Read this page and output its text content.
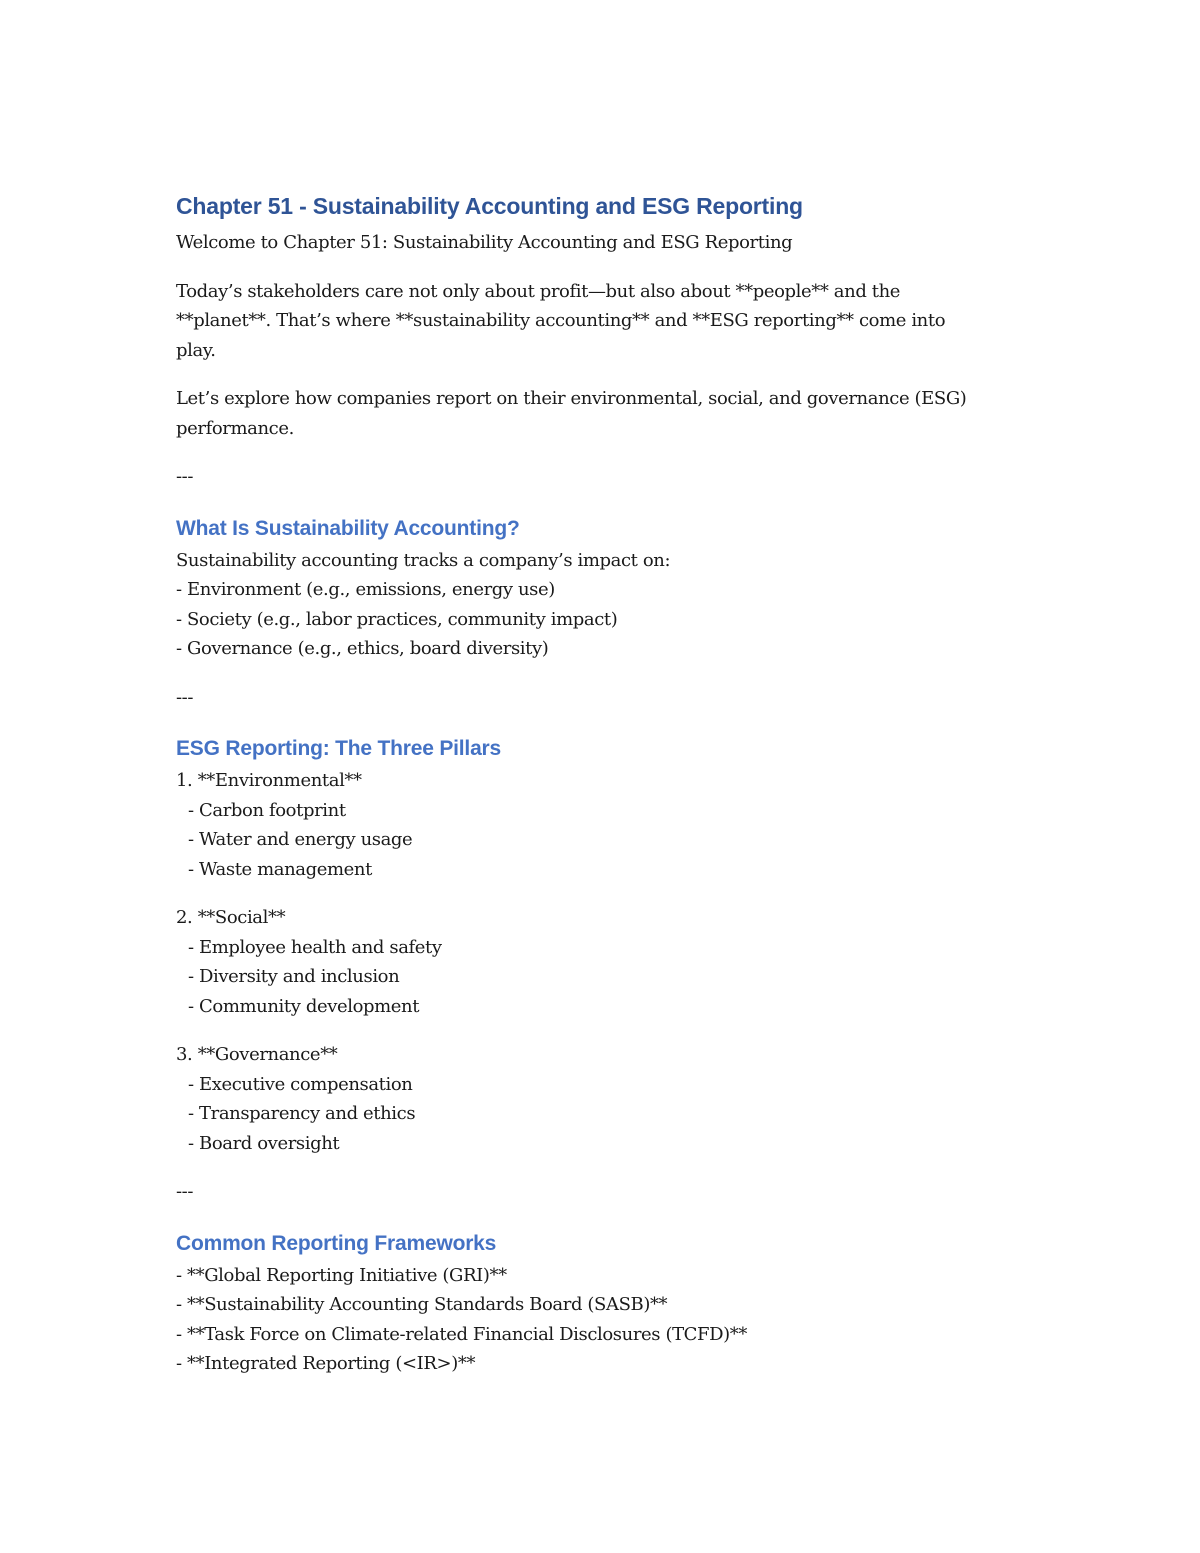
Chapter 51 - Sustainability Accounting and ESG Reporting

Welcome to Chapter 51: Sustainability Accounting and ESG Reporting

Today’s stakeholders care not only about profit—but also about **people** and the

**planet**. That’s where **sustainability accounting** and **ESG reporting** come into

play.

Let’s explore how companies report on their environmental, social, and governance (ESG)

performance.

---

What Is Sustainability Accounting?

Sustainability accounting tracks a company’s impact on:

- Environment (e.g., emissions, energy use)

- Society (e.g., labor practices, community impact)

- Governance (e.g., ethics, board diversity)

---

ESG Reporting: The Three Pillars

1. **Environmental**

- Carbon footprint

- Water and energy usage

- Waste management

2. **Social**

- Employee health and safety

- Diversity and inclusion

- Community development

3. **Governance**

- Executive compensation

- Transparency and ethics

- Board oversight

---

Common Reporting Frameworks

- **Global Reporting Initiative (GRI)**

- **Sustainability Accounting Standards Board (SASB)**

- **Task Force on Climate-related Financial Disclosures (TCFD)**

- **Integrated Reporting (<IR>)**
